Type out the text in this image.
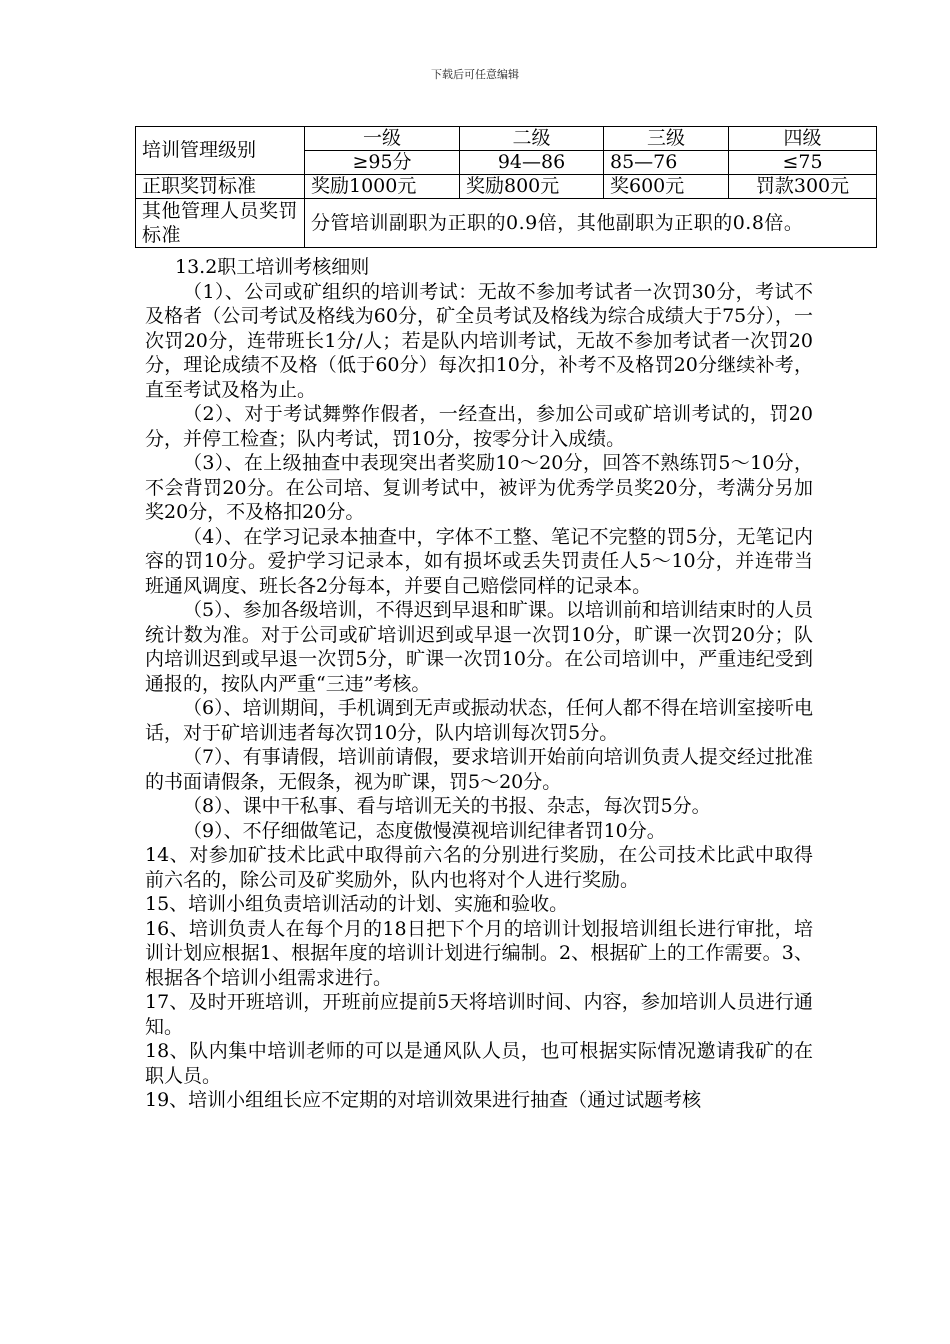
下载后可任意编辑
培训管理级别	一级	二级	三级	四级
	≥95分	94—86	85—76	≤75
正职奖罚标准	奖励1000元	奖励800元	奖600元	罚款300元
其他管理人员奖罚标准	分管培训副职为正职的0.9倍，其他副职为正职的0.8倍。			

13.2职工培训考核细则

（1）、公司或矿组织的培训考试：无故不参加考试者一次罚30分，考试不及格者（公司考试及格线为60分，矿全员考试及格线为综合成绩大于75分），一次罚20分，连带班长1分/人；若是队内培训考试，无故不参加考试者一次罚20分，理论成绩不及格（低于60分）每次扣10分，补考不及格罚20分继续补考，直至考试及格为止。

（2）、对于考试舞弊作假者，一经查出，参加公司或矿培训考试的，罚20分，并停工检查；队内考试，罚10分，按零分计入成绩。

（3）、在上级抽查中表现突出者奖励10～20分，回答不熟练罚5～10分，不会背罚20分。在公司培、复训考试中，被评为优秀学员奖20分，考满分另加奖20分，不及格扣20分。

（4）、在学习记录本抽查中，字体不工整、笔记不完整的罚5分，无笔记内容的罚10分。爱护学习记录本，如有损坏或丢失罚责任人5～10分，并连带当班通风调度、班长各2分每本，并要自己赔偿同样的记录本。

（5）、参加各级培训，不得迟到早退和旷课。以培训前和培训结束时的人员统计数为准。对于公司或矿培训迟到或早退一次罚10分，旷课一次罚20分；队内培训迟到或早退一次罚5分，旷课一次罚10分。在公司培训中，严重违纪受到通报的，按队内严重“三违”考核。

（6）、培训期间，手机调到无声或振动状态，任何人都不得在培训室接听电话，对于矿培训违者每次罚10分，队内培训每次罚5分。

（7）、有事请假，培训前请假，要求培训开始前向培训负责人提交经过批准的书面请假条，无假条，视为旷课，罚5～20分。

（8）、课中干私事、看与培训无关的书报、杂志，每次罚5分。

（9）、不仔细做笔记，态度傲慢漠视培训纪律者罚10分。

14、对参加矿技术比武中取得前六名的分别进行奖励，在公司技术比武中取得前六名的，除公司及矿奖励外，队内也将对个人进行奖励。

15、培训小组负责培训活动的计划、实施和验收。

16、培训负责人在每个月的18日把下个月的培训计划报培训组长进行审批，培训计划应根据1、根据年度的培训计划进行编制。2、根据矿上的工作需要。3、根据各个培训小组需求进行。

17、及时开班培训，开班前应提前5天将培训时间、内容，参加培训人员进行通知。

18、队内集中培训老师的可以是通风队人员，也可根据实际情况邀请我矿的在职人员。

19、培训小组组长应不定期的对培训效果进行抽查（通过试题考核
